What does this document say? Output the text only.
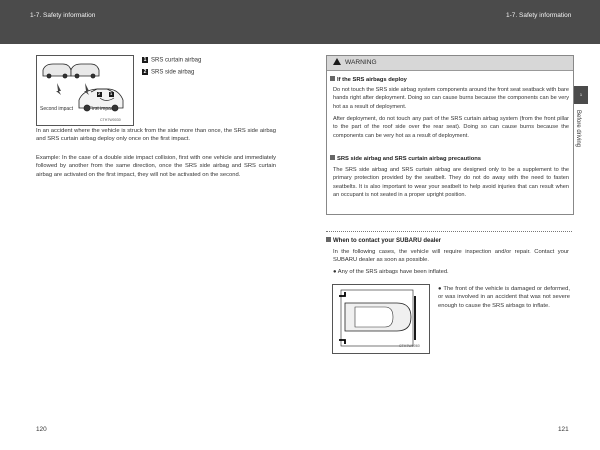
1-7. Safety information	1-7. Safety information
Second impact	First impact
2 1
CTH7W0030
1 SRS curtain airbag
2 SRS side airbag
In an accident where the vehicle is struck from the side more than once, the SRS side airbag and SRS curtain airbag deploy only once on the first impact.
Example: In the case of a double side impact collision, first with one vehicle and immediately followed by another from the same direction, once the SRS side airbag and SRS curtain airbag are activated on the first impact, they will not be activated on the second.
WARNING
If the SRS airbags deploy
Do not touch the SRS side airbag system components around the front seat seatback with bare hands right after deployment. Doing so can cause burns because the components can be very hot as a result of deployment.
After deployment, do not touch any part of the SRS curtain airbag system (from the front pillar to the part of the roof side over the rear seat). Doing so can cause burns because the components can be very hot as a result of deployment.
SRS side airbag and SRS curtain airbag precautions
The SRS side airbag and SRS curtain airbag are designed only to be a supplement to the primary protection provided by the seatbelt. They do not do away with the need to fasten seatbelts. It is also important to wear your seatbelt to help avoid injuries that can result when an occupant is not seated in a proper upright position.
When to contact your SUBARU dealer
In the following cases, the vehicle will require inspection and/or repair. Contact your SUBARU dealer as soon as possible.
● Any of the SRS airbags have been inflated.
CTH7W0060
● The front of the vehicle is damaged or deformed, or was involved in an accident that was not severe enough to cause the SRS airbags to inflate.
1
Before driving
120	121
